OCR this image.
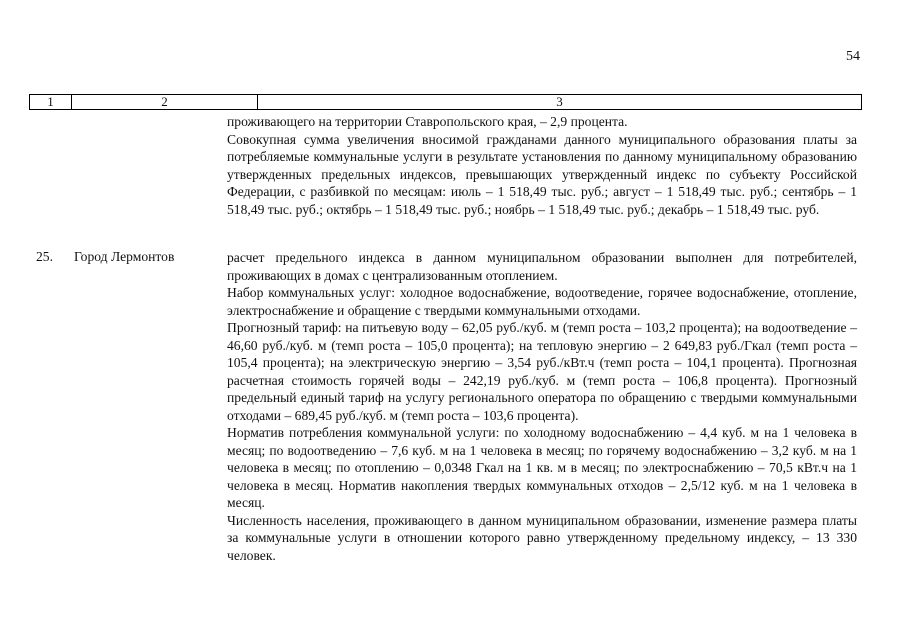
54
1	2	3

проживающего на территории Ставропольского края, – 2,9 процента.

Совокупная сумма увеличения вносимой гражданами данного муниципального образования платы за потребляемые коммунальные услуги в результате установления по данному муниципальному образованию утвержденных предельных индексов, превышающих утвержденный индекс по субъекту Российской Федерации, с разбивкой по месяцам: июль – 1 518,49 тыс. руб.; август – 1 518,49 тыс. руб.; сентябрь – 1 518,49 тыс. руб.; октябрь – 1 518,49 тыс. руб.; ноябрь – 1 518,49 тыс. руб.; декабрь – 1 518,49 тыс. руб.

25. Город Лермонтов	расчет предельного индекса в данном муниципальном образовании выполнен для потребителей, проживающих в домах с централизованным отоплением.

Набор коммунальных услуг: холодное водоснабжение, водоотведение, горячее водоснабжение, отопление, электроснабжение и обращение с твердыми коммунальными отходами.

Прогнозный тариф: на питьевую воду – 62,05 руб./куб. м (темп роста – 103,2 процента); на водоотведение – 46,60 руб./куб. м (темп роста – 105,0 процента); на тепловую энергию – 2 649,83 руб./Гкал (темп роста – 105,4 процента); на электрическую энергию – 3,54 руб./кВт.ч (темп роста – 104,1 процента). Прогнозная расчетная стоимость горячей воды – 242,19 руб./куб. м (темп роста – 106,8 процента). Прогнозный предельный единый тариф на услугу регионального оператора по обращению с твердыми коммунальными отходами – 689,45 руб./куб. м (темп роста – 103,6 процента).

Норматив потребления коммунальной услуги: по холодному водоснабжению – 4,4 куб. м на 1 человека в месяц; по водоотведению – 7,6 куб. м на 1 человека в месяц; по горячему водоснабжению – 3,2 куб. м на 1 человека в месяц; по отоплению – 0,0348 Гкал на 1 кв. м в месяц; по электроснабжению – 70,5 кВт.ч на 1 человека в месяц. Норматив накопления твердых коммунальных отходов – 2,5/12 куб. м на 1 человека в месяц.

Численность населения, проживающего в данном муниципальном образовании, изменение размера платы за коммунальные услуги в отношении которого равно утвержденному предельному индексу, – 13 330 человек.
